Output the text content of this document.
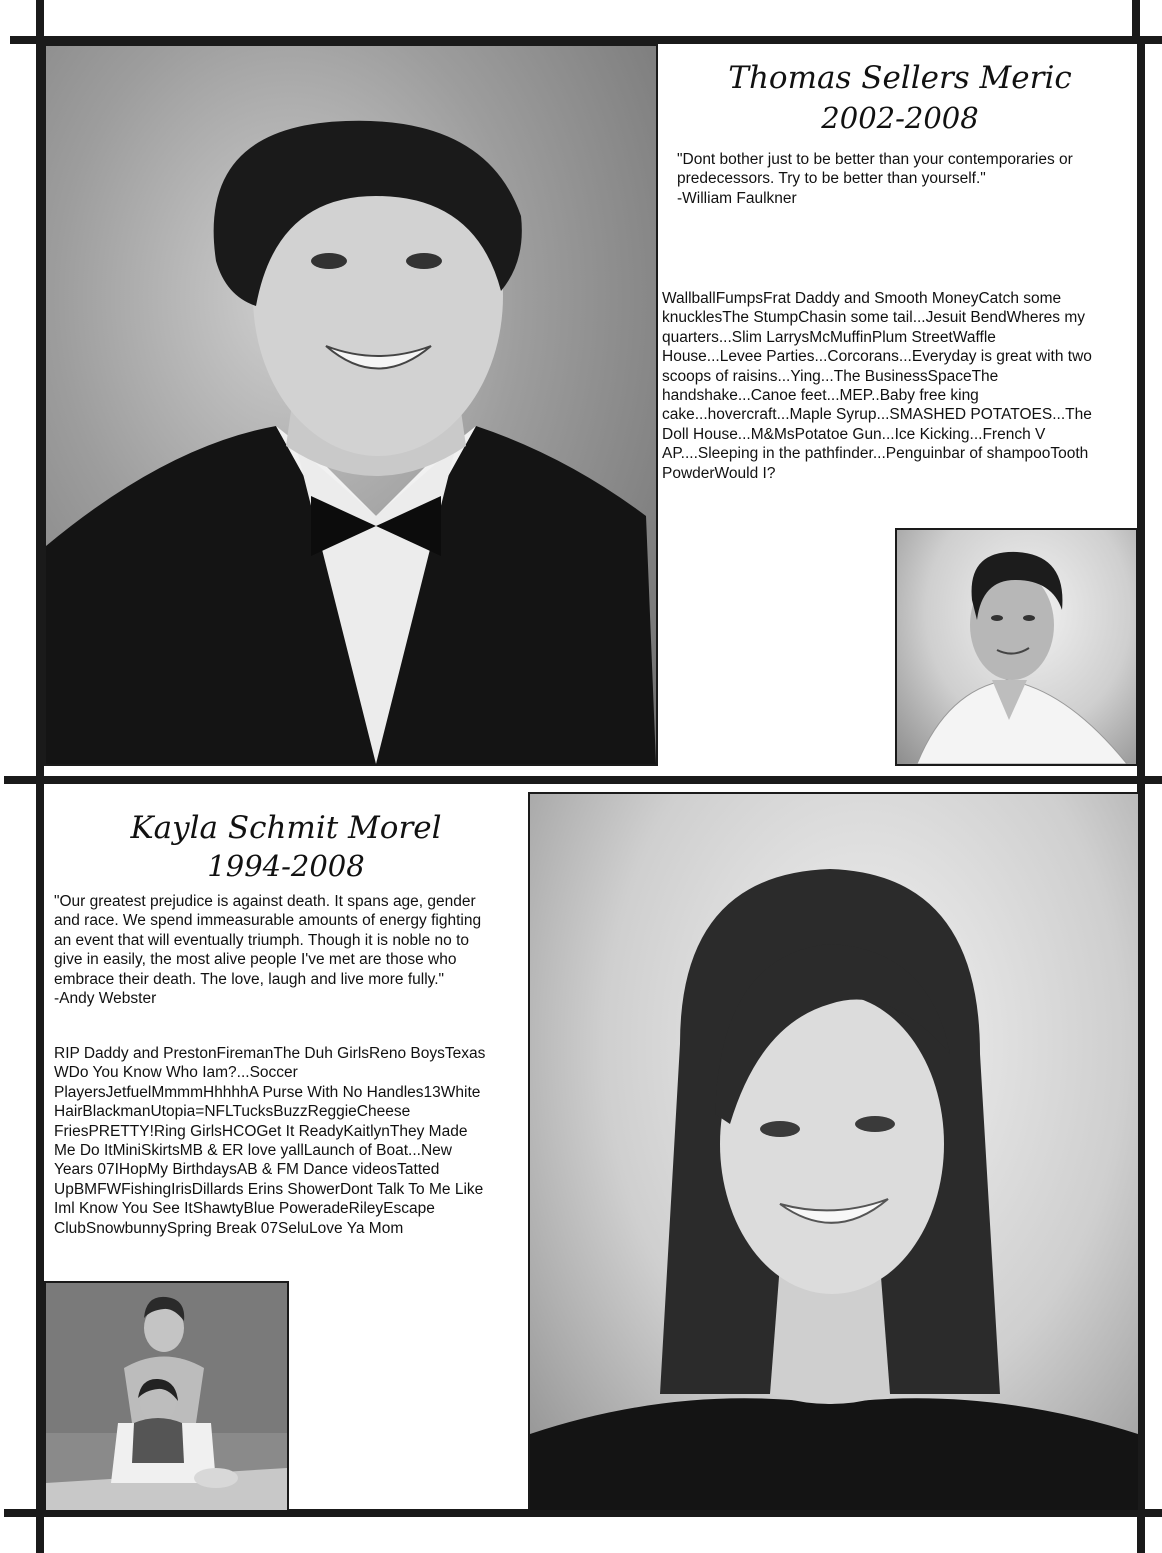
Thomas Sellers Meric
2002-2008

"Dont bother just to be better than your contemporaries or

predecessors. Try to be better than yourself."

-William Faulkner

WallballFumpsFrat Daddy and Smooth MoneyCatch some

knucklesThe StumpChasin some tail...Jesuit BendWheres my

quarters...Slim LarrysMcMuffinPlum StreetWaffle

House...Levee Parties...Corcorans...Everyday is great with two

scoops of raisins...Ying...The BusinessSpaceThe

handshake...Canoe feet...MEP..Baby free king

cake...hovercraft...Maple Syrup...SMASHED POTATOES...The

Doll House...M&MsPotatoe Gun...Ice Kicking...French V

AP....Sleeping in the pathfinder...Penguinbar of shampooTooth

PowderWould I?

Kayla Schmit Morel
1994-2008

"Our greatest prejudice is against death. It spans age, gender

and race. We spend immeasurable amounts of energy fighting

an event that will eventually triumph. Though it is noble no to

give in easily, the most alive people I've met are those who

embrace their death. The love, laugh and live more fully."

-Andy Webster

RIP Daddy and PrestonFiremanThe Duh GirlsReno BoysTexas

WDo You Know Who Iam?...Soccer

PlayersJetfuelMmmmHhhhhA Purse With No Handles13White

HairBlackmanUtopia=NFLTucksBuzzReggieCheese

FriesPRETTY!Ring GirlsHCOGet It ReadyKaitlynThey Made

Me Do ItMiniSkirtsMB & ER love yallLaunch of Boat...New

Years 07IHopMy BirthdaysAB & FM Dance videosTatted

UpBMFWFishingIrisDillards Erins ShowerDont Talk To Me Like

Iml Know You See ItShawtyBlue PoweradeRileyEscape

ClubSnowbunnySpring Break 07SeluLove Ya Mom
